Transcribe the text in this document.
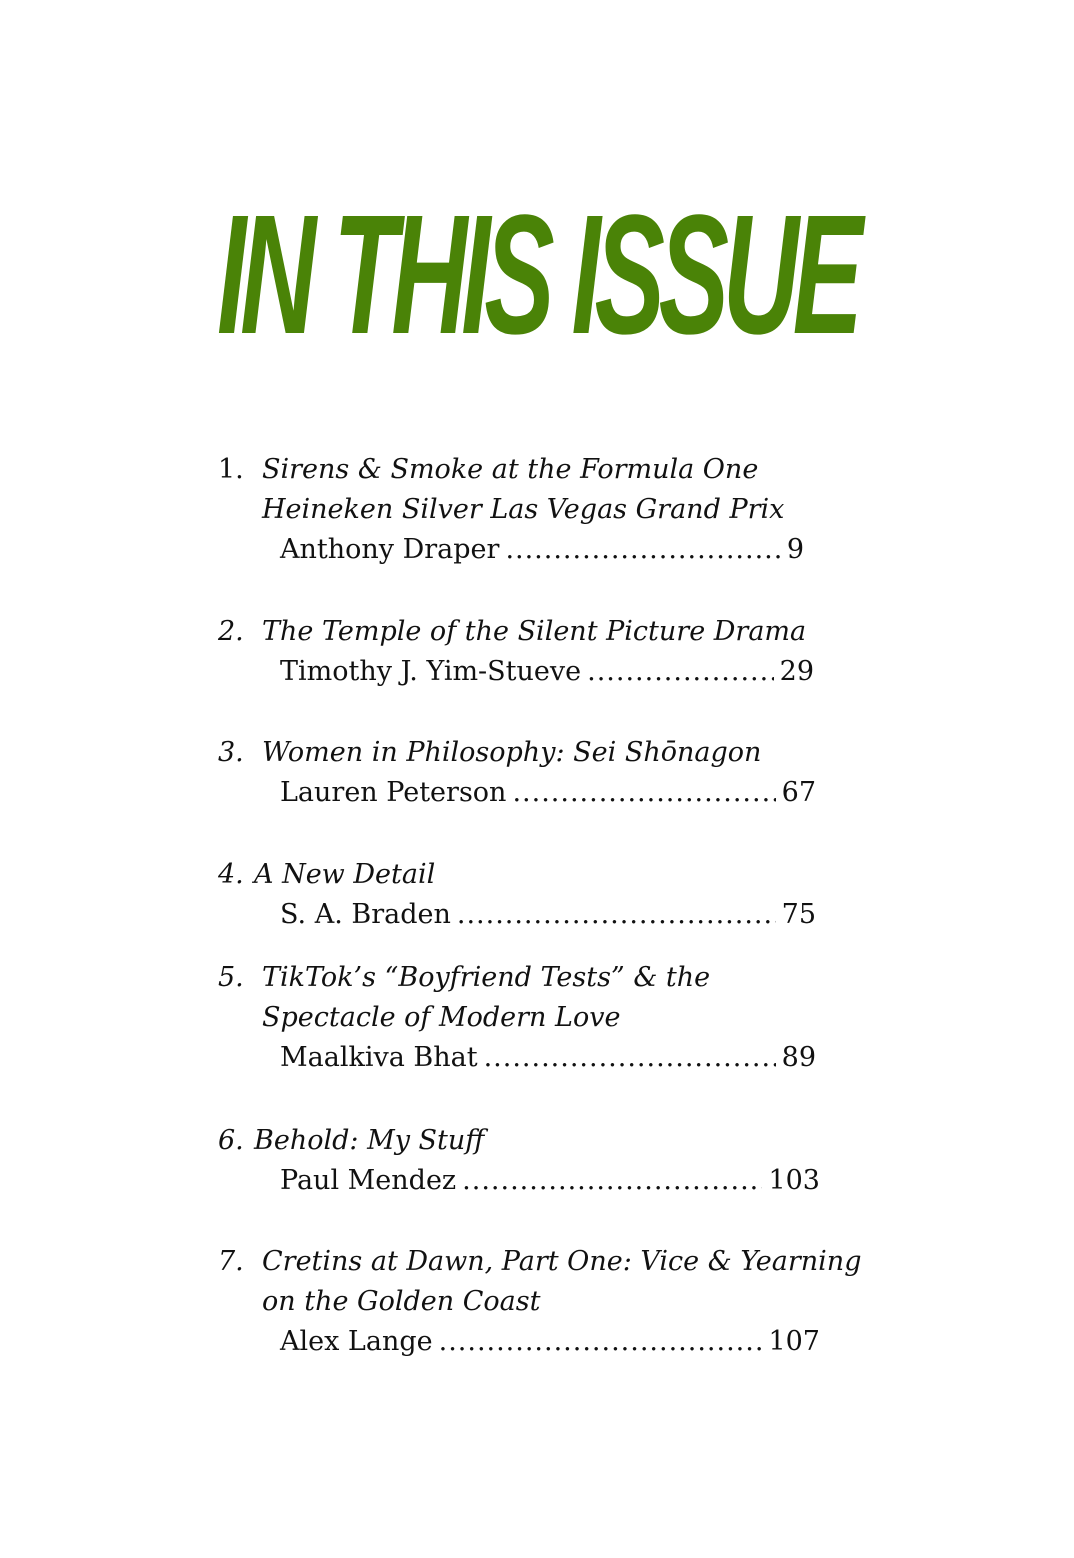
IN THIS ISSUE
1. Sirens & Smoke at the Formula One Heineken Silver Las Vegas Grand Prix
Anthony Draper .....	9
2. The Temple of the Silent Picture Drama
Timothy J. Yim-Stueve .....	29
3. Women in Philosophy: Sei Shōnagon
Lauren Peterson .....	67
4. A New Detail
S. A. Braden .....	75
5. TikTok’s “Boyfriend Tests” & the Spectacle of Modern Love
Maalkiva Bhat .....	89
6. Behold: My Stuff
Paul Mendez .....	103
7. Cretins at Dawn, Part One: Vice & Yearning on the Golden Coast
Alex Lange .....	107
